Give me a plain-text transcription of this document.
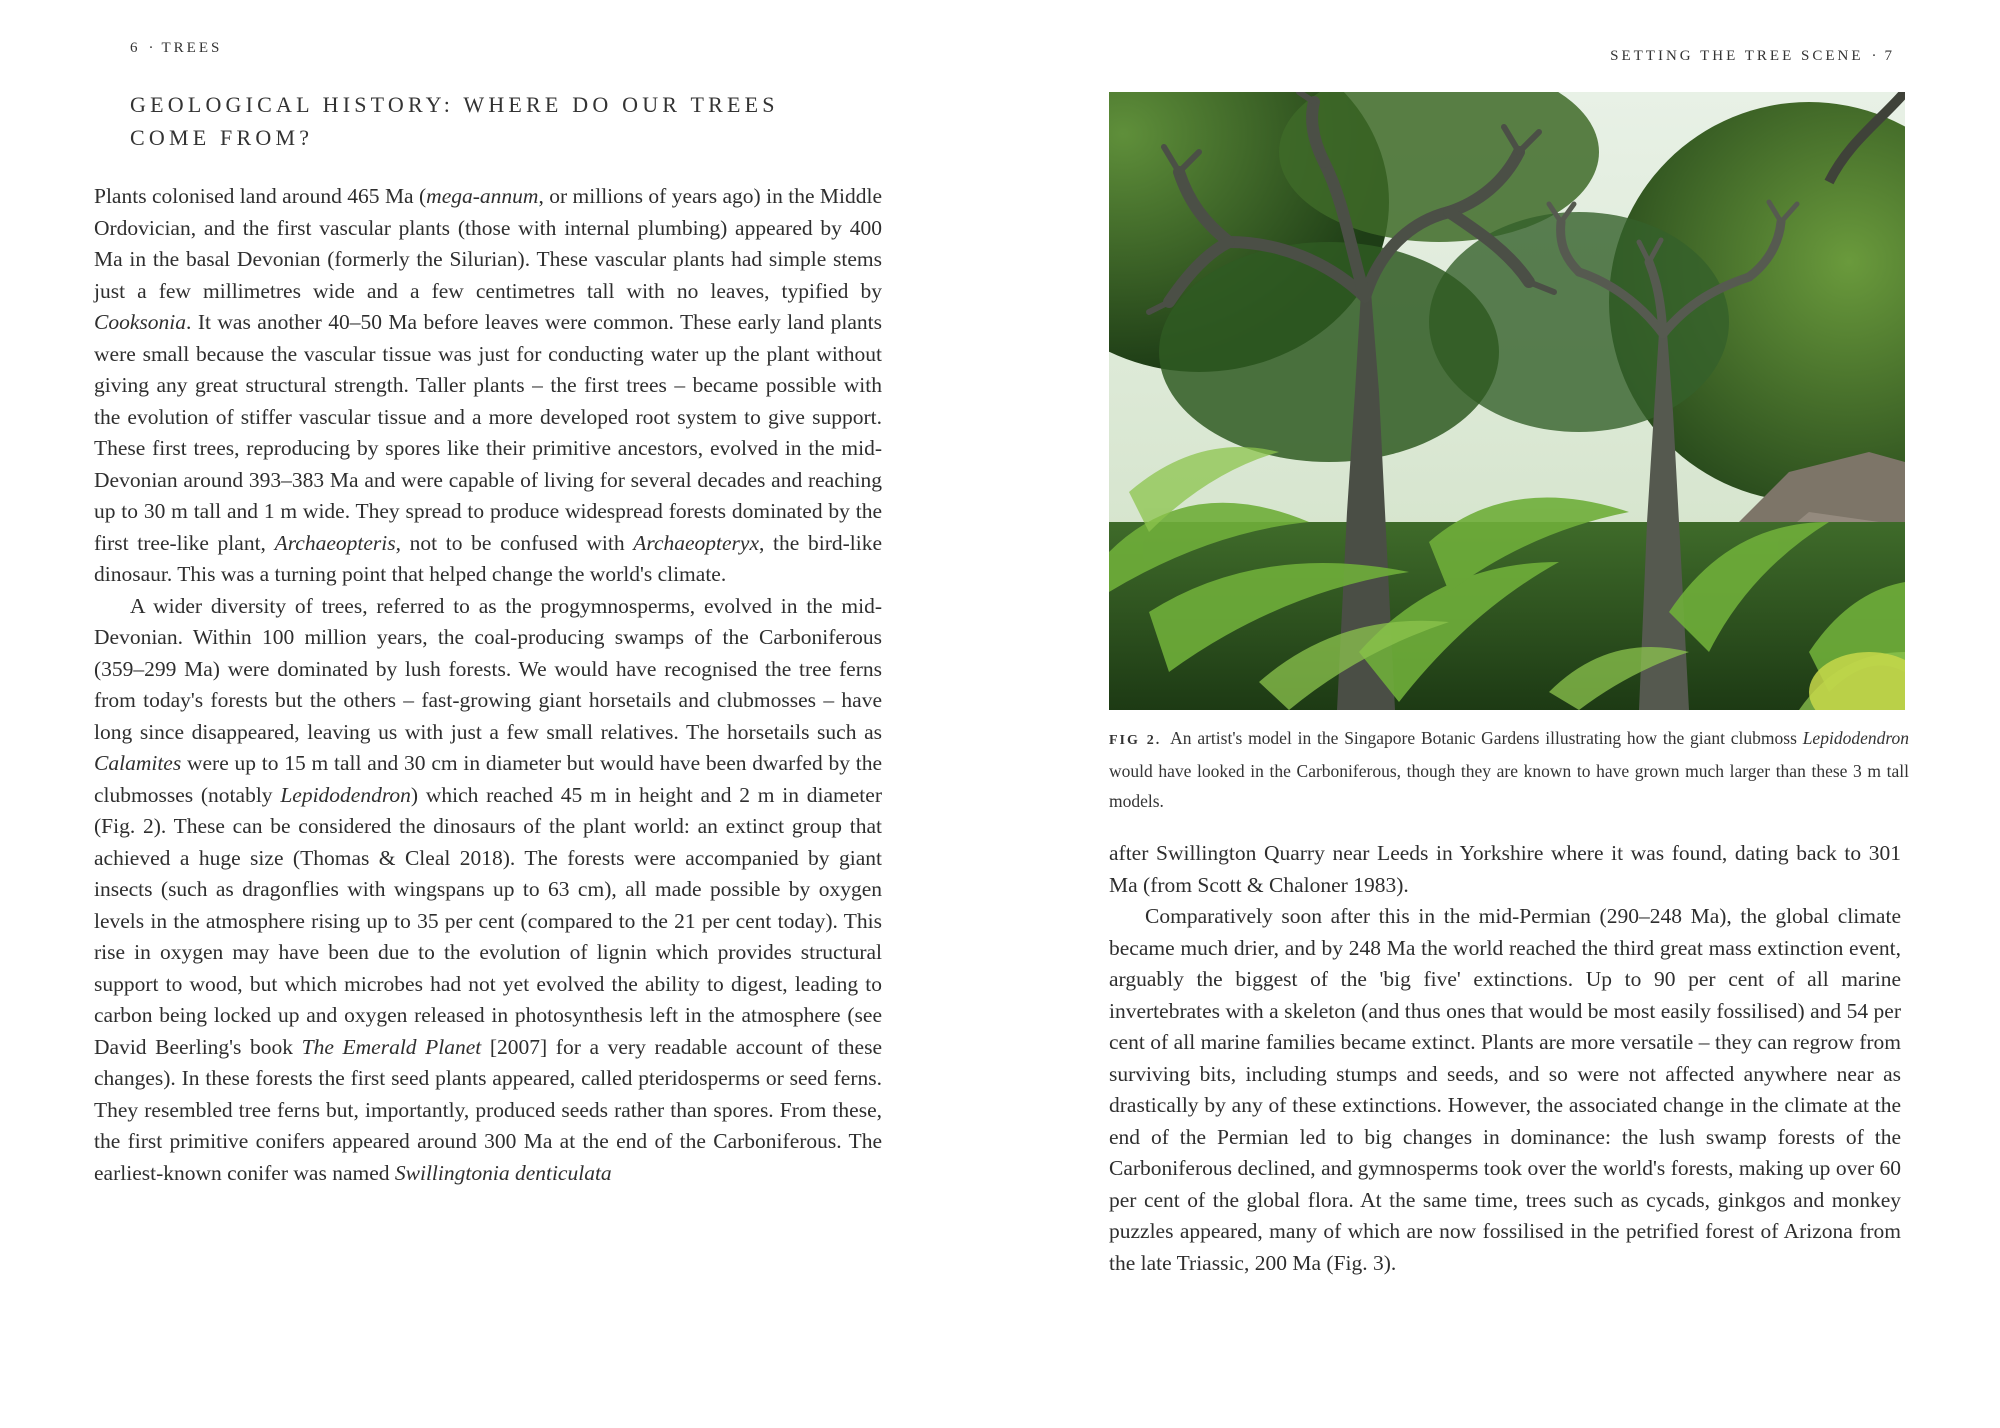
6 · TREES
GEOLOGICAL HISTORY: WHERE DO OUR TREES
COME FROM?

Plants colonised land around 465 Ma (mega-annum, or millions of years ago) in the Middle Ordovician, and the first vascular plants (those with internal plumbing) appeared by 400 Ma in the basal Devonian (formerly the Silurian). These vascular plants had simple stems just a few millimetres wide and a few centimetres tall with no leaves, typified by Cooksonia. It was another 40–50 Ma before leaves were common. These early land plants were small because the vascular tissue was just for conducting water up the plant without giving any great structural strength. Taller plants – the first trees – became possible with the evolution of stiffer vascular tissue and a more developed root system to give support. These first trees, reproducing by spores like their primitive ancestors, evolved in the mid-Devonian around 393–383 Ma and were capable of living for several decades and reaching up to 30 m tall and 1 m wide. They spread to produce widespread forests dominated by the first tree-like plant, Archaeopteris, not to be confused with Archaeopteryx, the bird-like dinosaur. This was a turning point that helped change the world's climate.

A wider diversity of trees, referred to as the progymnosperms, evolved in the mid-Devonian. Within 100 million years, the coal-producing swamps of the Carboniferous (359–299 Ma) were dominated by lush forests. We would have recognised the tree ferns from today's forests but the others – fast-growing giant horsetails and clubmosses – have long since disappeared, leaving us with just a few small relatives. The horsetails such as Calamites were up to 15 m tall and 30 cm in diameter but would have been dwarfed by the clubmosses (notably Lepidodendron) which reached 45 m in height and 2 m in diameter (Fig. 2). These can be considered the dinosaurs of the plant world: an extinct group that achieved a huge size (Thomas & Cleal 2018). The forests were accompanied by giant insects (such as dragonflies with wingspans up to 63 cm), all made possible by oxygen levels in the atmosphere rising up to 35 per cent (compared to the 21 per cent today). This rise in oxygen may have been due to the evolution of lignin which provides structural support to wood, but which microbes had not yet evolved the ability to digest, leading to carbon being locked up and oxygen released in photosynthesis left in the atmosphere (see David Beerling's book The Emerald Planet [2007] for a very readable account of these changes). In these forests the first seed plants appeared, called pteridosperms or seed ferns. They resembled tree ferns but, importantly, produced seeds rather than spores. From these, the first primitive conifers appeared around 300 Ma at the end of the Carboniferous. The earliest-known conifer was named Swillingtonia denticulata

SETTING THE TREE SCENE · 7

FIG 2. An artist's model in the Singapore Botanic Gardens illustrating how the giant clubmoss Lepidodendron would have looked in the Carboniferous, though they are known to have grown much larger than these 3 m tall models.

after Swillington Quarry near Leeds in Yorkshire where it was found, dating back to 301 Ma (from Scott & Chaloner 1983).

Comparatively soon after this in the mid-Permian (290–248 Ma), the global climate became much drier, and by 248 Ma the world reached the third great mass extinction event, arguably the biggest of the 'big five' extinctions. Up to 90 per cent of all marine invertebrates with a skeleton (and thus ones that would be most easily fossilised) and 54 per cent of all marine families became extinct. Plants are more versatile – they can regrow from surviving bits, including stumps and seeds, and so were not affected anywhere near as drastically by any of these extinctions. However, the associated change in the climate at the end of the Permian led to big changes in dominance: the lush swamp forests of the Carboniferous declined, and gymnosperms took over the world's forests, making up over 60 per cent of the global flora. At the same time, trees such as cycads, ginkgos and monkey puzzles appeared, many of which are now fossilised in the petrified forest of Arizona from the late Triassic, 200 Ma (Fig. 3).
